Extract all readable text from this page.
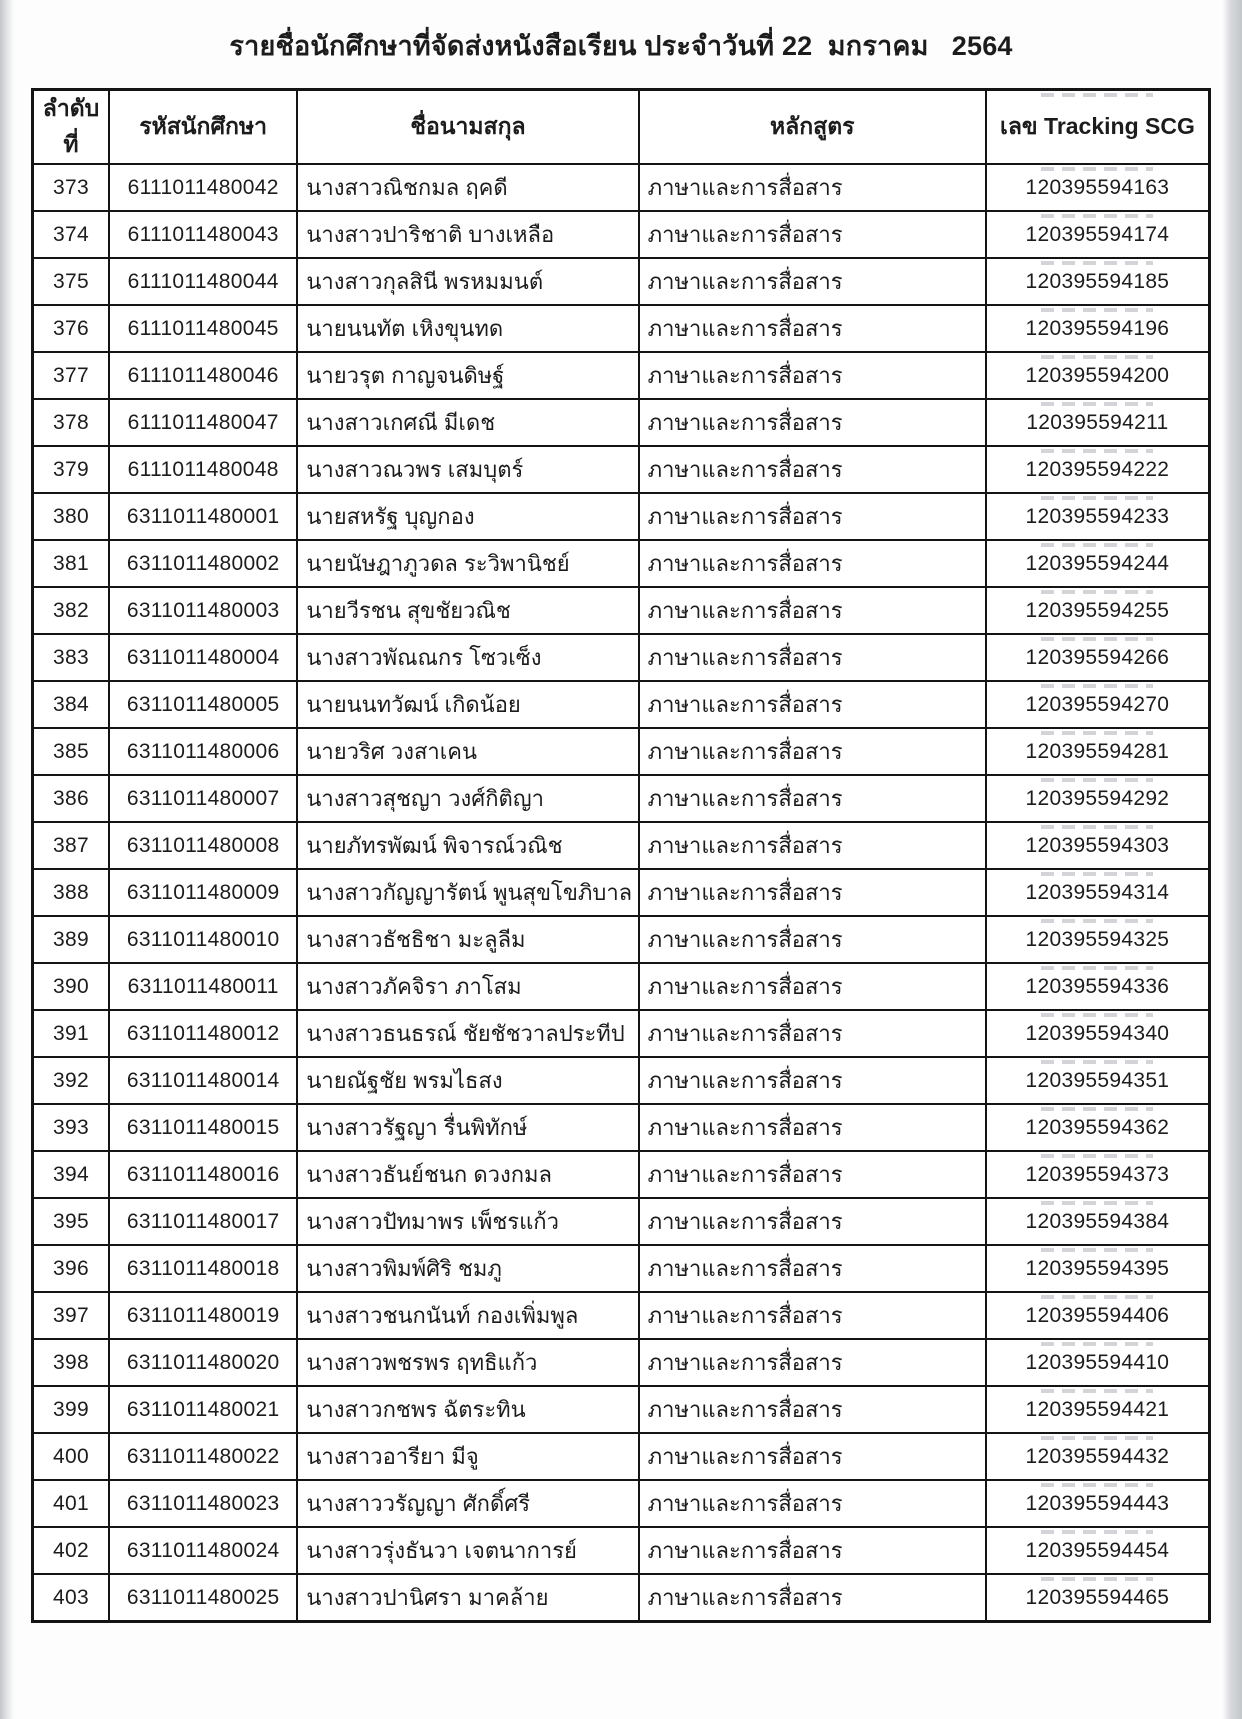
รายชื่อนักศึกษาที่จัดส่งหนังสือเรียน ประจำวันที่ 22  มกราคม   2564
ลำดับที่	รหัสนักศึกษา	ชื่อนามสกุล	หลักสูตร	เลข Tracking SCG
373	6111011480042	นางสาวณิชกมล ฤคดี	ภาษาและการสื่อสาร	120395594163
374	6111011480043	นางสาวปาริชาติ บางเหลือ	ภาษาและการสื่อสาร	120395594174
375	6111011480044	นางสาวกุลสินี พรหมมนต์	ภาษาและการสื่อสาร	120395594185
376	6111011480045	นายนนทัต เหิงขุนทด	ภาษาและการสื่อสาร	120395594196
377	6111011480046	นายวรุต กาญจนดิษฐ์	ภาษาและการสื่อสาร	120395594200
378	6111011480047	นางสาวเกศณี มีเดช	ภาษาและการสื่อสาร	120395594211
379	6111011480048	นางสาวณวพร เสมบุตร์	ภาษาและการสื่อสาร	120395594222
380	6311011480001	นายสหรัฐ บุญกอง	ภาษาและการสื่อสาร	120395594233
381	6311011480002	นายนัษฎาภูวดล ระวิพานิชย์	ภาษาและการสื่อสาร	120395594244
382	6311011480003	นายวีรชน สุขชัยวณิช	ภาษาและการสื่อสาร	120395594255
383	6311011480004	นางสาวพัณณกร โซวเซ็ง	ภาษาและการสื่อสาร	120395594266
384	6311011480005	นายนนทวัฒน์ เกิดน้อย	ภาษาและการสื่อสาร	120395594270
385	6311011480006	นายวริศ วงสาเคน	ภาษาและการสื่อสาร	120395594281
386	6311011480007	นางสาวสุชญา วงศ์กิติญา	ภาษาและการสื่อสาร	120395594292
387	6311011480008	นายภัทรพัฒน์ พิจารณ์วณิช	ภาษาและการสื่อสาร	120395594303
388	6311011480009	นางสาวกัญญารัตน์ พูนสุขโขภิบาล	ภาษาและการสื่อสาร	120395594314
389	6311011480010	นางสาวธัชธิชา มะลูลีม	ภาษาและการสื่อสาร	120395594325
390	6311011480011	นางสาวภัคจิรา ภาโสม	ภาษาและการสื่อสาร	120395594336
391	6311011480012	นางสาวธนธรณ์ ชัยชัชวาลประทีป	ภาษาและการสื่อสาร	120395594340
392	6311011480014	นายณัฐชัย พรมไธสง	ภาษาและการสื่อสาร	120395594351
393	6311011480015	นางสาวรัฐญา รื่นพิทักษ์	ภาษาและการสื่อสาร	120395594362
394	6311011480016	นางสาวธันย์ชนก ดวงกมล	ภาษาและการสื่อสาร	120395594373
395	6311011480017	นางสาวปัทมาพร เพ็ชรแก้ว	ภาษาและการสื่อสาร	120395594384
396	6311011480018	นางสาวพิมพ์ศิริ ชมภู	ภาษาและการสื่อสาร	120395594395
397	6311011480019	นางสาวชนกนันท์ กองเพิ่มพูล	ภาษาและการสื่อสาร	120395594406
398	6311011480020	นางสาวพชรพร ฤทธิแก้ว	ภาษาและการสื่อสาร	120395594410
399	6311011480021	นางสาวกชพร ฉัตระทิน	ภาษาและการสื่อสาร	120395594421
400	6311011480022	นางสาวอารียา มีจู	ภาษาและการสื่อสาร	120395594432
401	6311011480023	นางสาววรัญญา ศักดิ์ศรี	ภาษาและการสื่อสาร	120395594443
402	6311011480024	นางสาวรุ่งธันวา เจตนาการย์	ภาษาและการสื่อสาร	120395594454
403	6311011480025	นางสาวปานิศรา มาคล้าย	ภาษาและการสื่อสาร	120395594465
